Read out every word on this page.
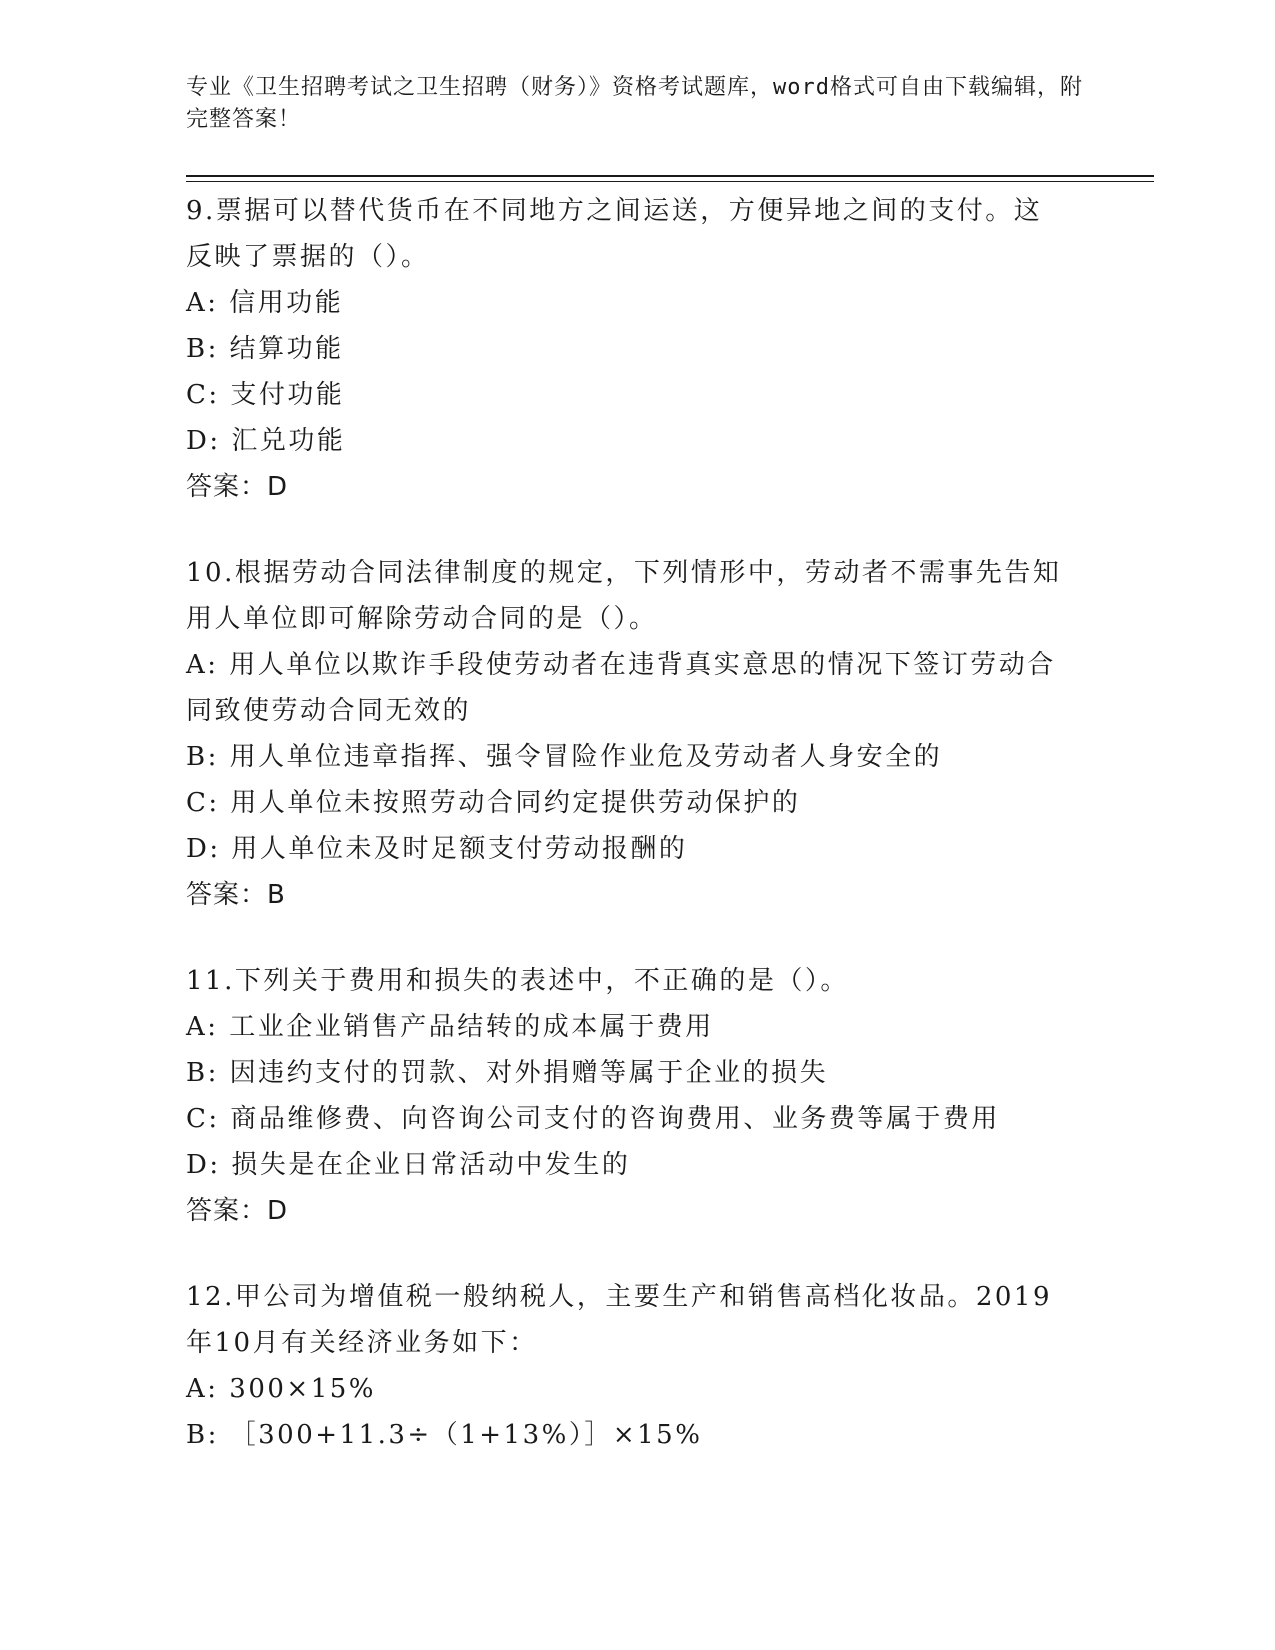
专业《卫生招聘考试之卫生招聘（财务）》资格考试题库，word格式可自由下载编辑，附完整答案！
9.票据可以替代货币在不同地方之间运送，方便异地之间的支付。这
反映了票据的（）。
A: 信用功能
B: 结算功能
C: 支付功能
D: 汇兑功能
答案：D
10.根据劳动合同法律制度的规定，下列情形中，劳动者不需事先告知
用人单位即可解除劳动合同的是（）。
A: 用人单位以欺诈手段使劳动者在违背真实意思的情况下签订劳动合
同致使劳动合同无效的
B: 用人单位违章指挥、强令冒险作业危及劳动者人身安全的
C: 用人单位未按照劳动合同约定提供劳动保护的
D: 用人单位未及时足额支付劳动报酬的
答案：B
11.下列关于费用和损失的表述中，不正确的是（）。
A: 工业企业销售产品结转的成本属于费用
B: 因违约支付的罚款、对外捐赠等属于企业的损失
C: 商品维修费、向咨询公司支付的咨询费用、业务费等属于费用
D: 损失是在企业日常活动中发生的
答案：D
12.甲公司为增值税一般纳税人，主要生产和销售高档化妆品。2019
年10月有关经济业务如下：
A: 300×15%
B: ［300+11.3÷（1+13%）］×15%
